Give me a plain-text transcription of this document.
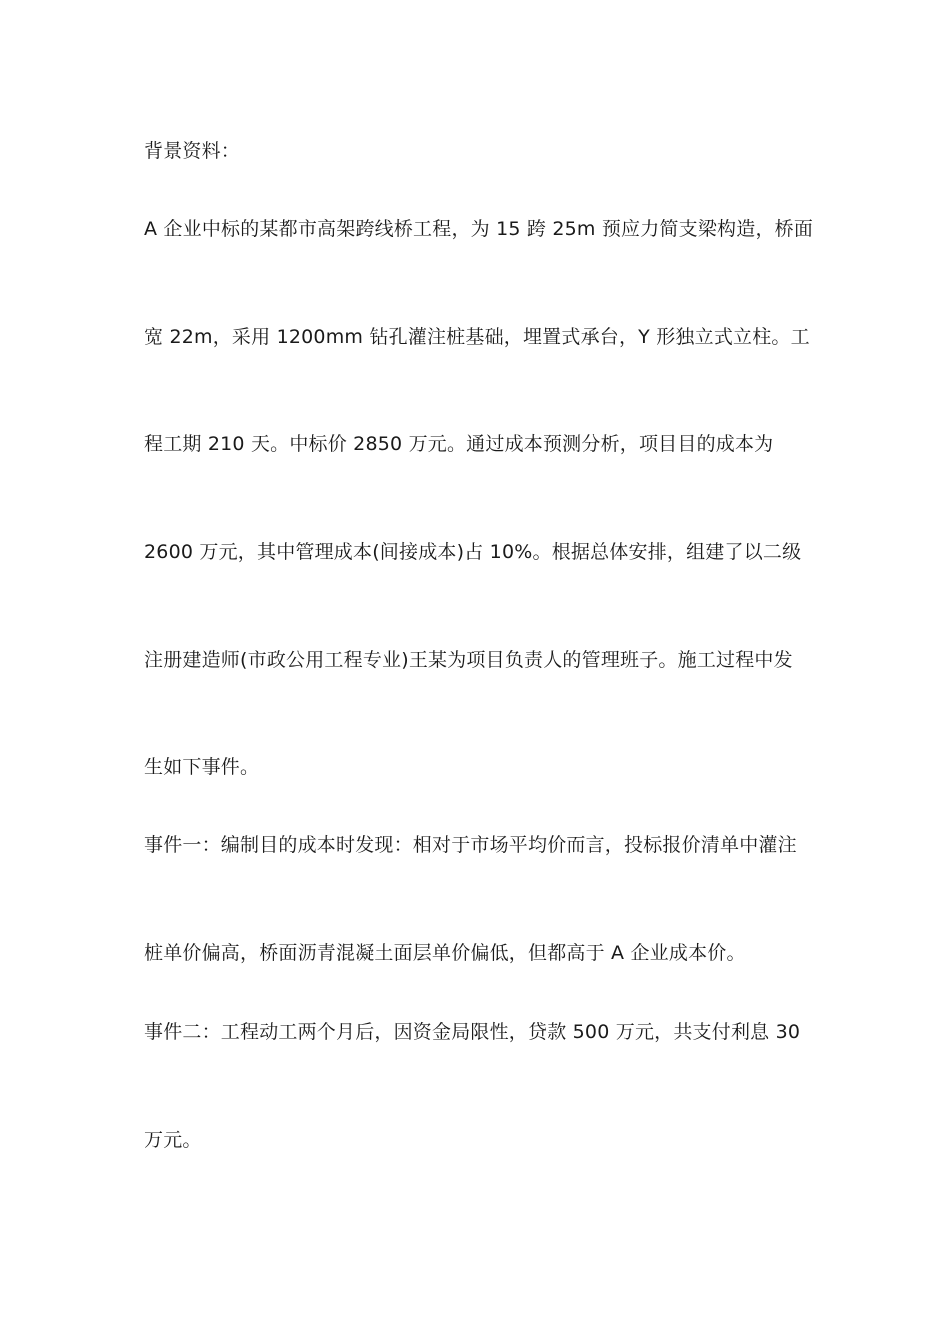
背景资料：

A 企业中标的某都市高架跨线桥工程，为 15 跨 25m 预应力简支梁构造，桥面

宽 22m，采用 1200mm 钻孔灌注桩基础，埋置式承台，Y 形独立式立柱。工

程工期 210 天。中标价 2850 万元。通过成本预测分析，项目目的成本为

2600 万元，其中管理成本(间接成本)占 10%。根据总体安排，组建了以二级

注册建造师(市政公用工程专业)王某为项目负责人的管理班子。施工过程中发

生如下事件。

事件一：编制目的成本时发现：相对于市场平均价而言，投标报价清单中灌注

桩单价偏高，桥面沥青混凝土面层单价偏低，但都高于 A 企业成本价。

事件二：工程动工两个月后，因资金局限性，贷款 500 万元，共支付利息 30

万元。
